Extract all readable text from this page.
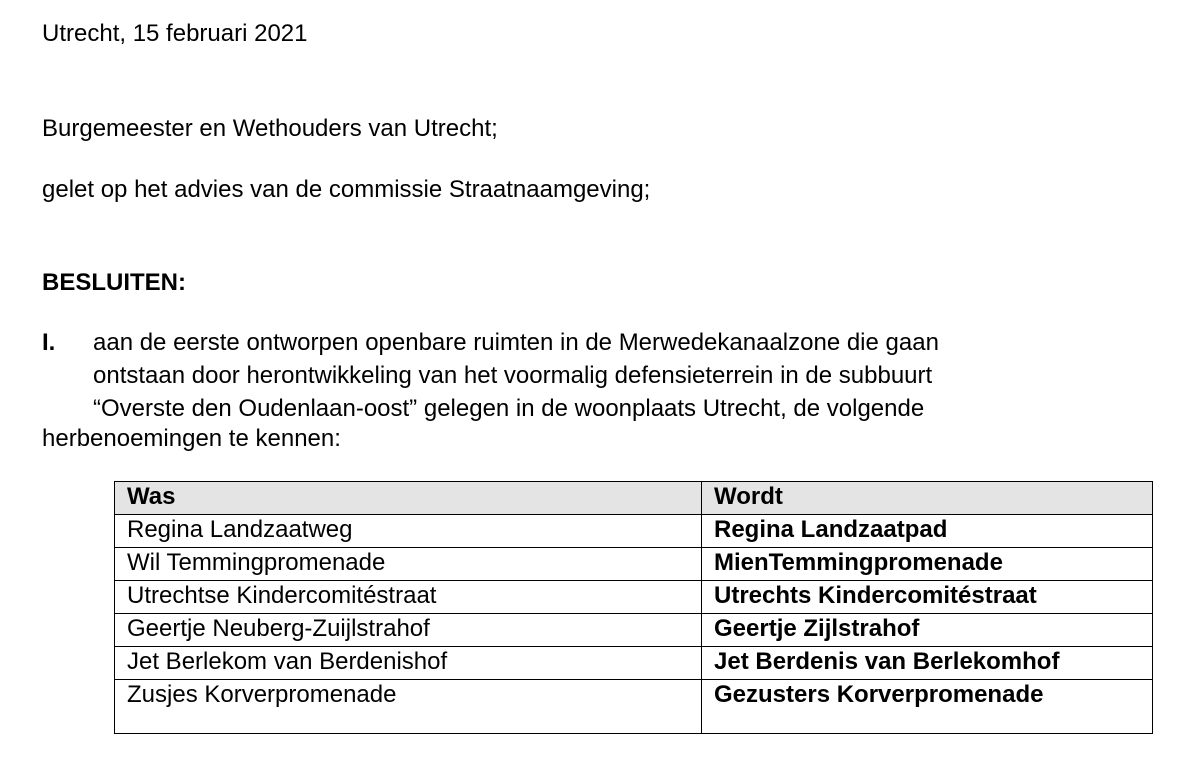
Utrecht, 15 februari 2021
Burgemeester en Wethouders van Utrecht;
gelet op het advies van de commissie Straatnaamgeving;
BESLUITEN:
I. aan de eerste ontworpen openbare ruimten in de Merwedekanaalzone die gaan
ontstaan door herontwikkeling van het voormalig defensieterrein in de subbuurt
“Overste den Oudenlaan-oost” gelegen in de woonplaats Utrecht, de volgende
herbenoemingen te kennen:
Was	Wordt
Regina Landzaatweg	Regina Landzaatpad
Wil Temmingpromenade	MienTemmingpromenade
Utrechtse Kindercomitéstraat	Utrechts Kindercomitéstraat
Geertje Neuberg-Zuijlstrahof	Geertje Zijlstrahof
Jet Berlekom van Berdenishof	Jet Berdenis van Berlekomhof
Zusjes Korverpromenade	Gezusters Korverpromenade
